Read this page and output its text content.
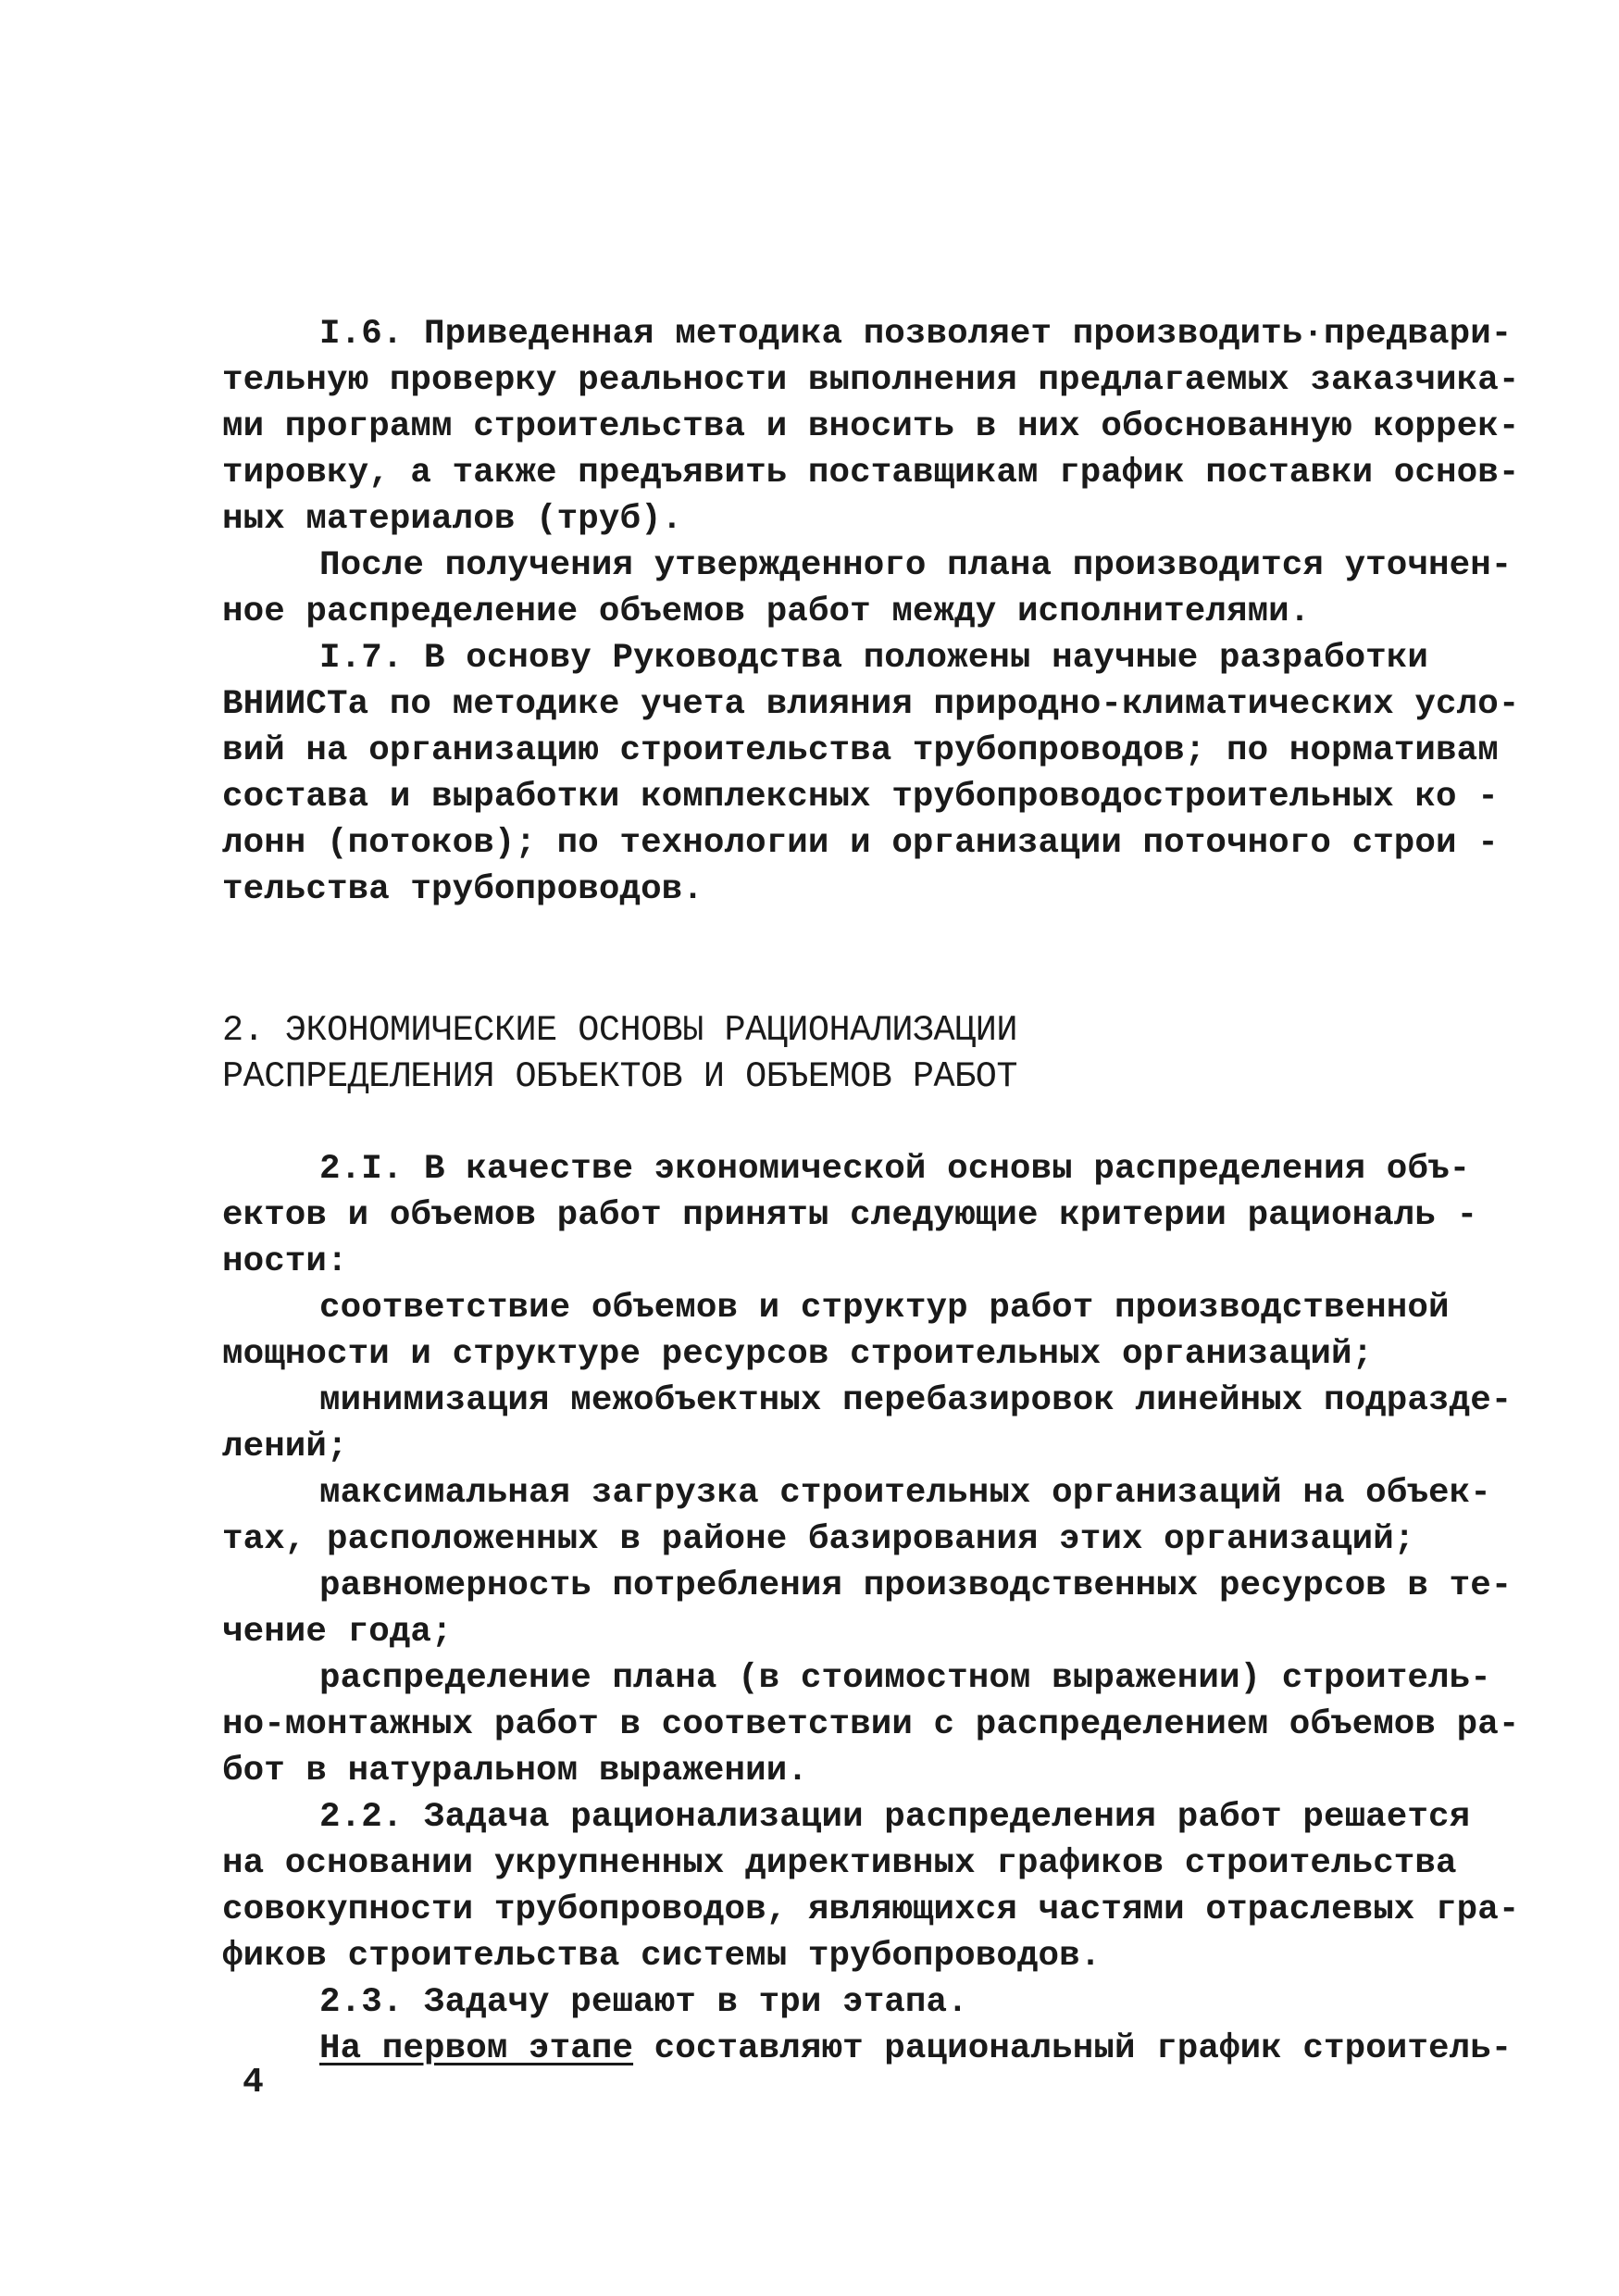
I.6. Приведенная методика позволяет производить·предвари-

тельную проверку реальности выполнения предлагаемых заказчика-

ми программ строительства и вносить в них обоснованную коррек-

тировку, а также предъявить поставщикам график поставки основ-

ных материалов (труб).

После получения утвержденного плана производится уточнен-

ное распределение объемов работ между исполнителями.

I.7. В основу Руководства положены научные разработки

ВНИИСТа по методике учета влияния природно-климатических усло-

вий на организацию строительства трубопроводов; по нормативам

состава и выработки комплексных трубопроводостроительных ко -

лонн (потоков); по технологии и организации поточного строи -

тельства трубопроводов.

2. ЭКОНОМИЧЕСКИЕ ОСНОВЫ РАЦИОНАЛИЗАЦИИ

РАСПРЕДЕЛЕНИЯ ОБЪЕКТОВ И ОБЪЕМОВ РАБОТ

2.I. В качестве экономической основы распределения объ-

ектов и объемов работ приняты следующие критерии рациональ -

ности:

соответствие объемов и структур работ производственной

мощности и структуре ресурсов строительных организаций;

минимизация межобъектных перебазировок линейных подразде-

лений;

максимальная загрузка строительных организаций на объек-

тах, расположенных в районе базирования этих организаций;

равномерность потребления производственных ресурсов в те-

чение года;

распределение плана (в стоимостном выражении) строитель-

но-монтажных работ в соответствии с распределением объемов ра-

бот в натуральном выражении.

2.2. Задача рационализации распределения работ решается

на основании укрупненных директивных графиков строительства

совокупности трубопроводов, являющихся частями отраслевых гра-

фиков строительства системы трубопроводов.

2.3. Задачу решают в три этапа.

На первом этапе составляют рациональный график строитель-

4
